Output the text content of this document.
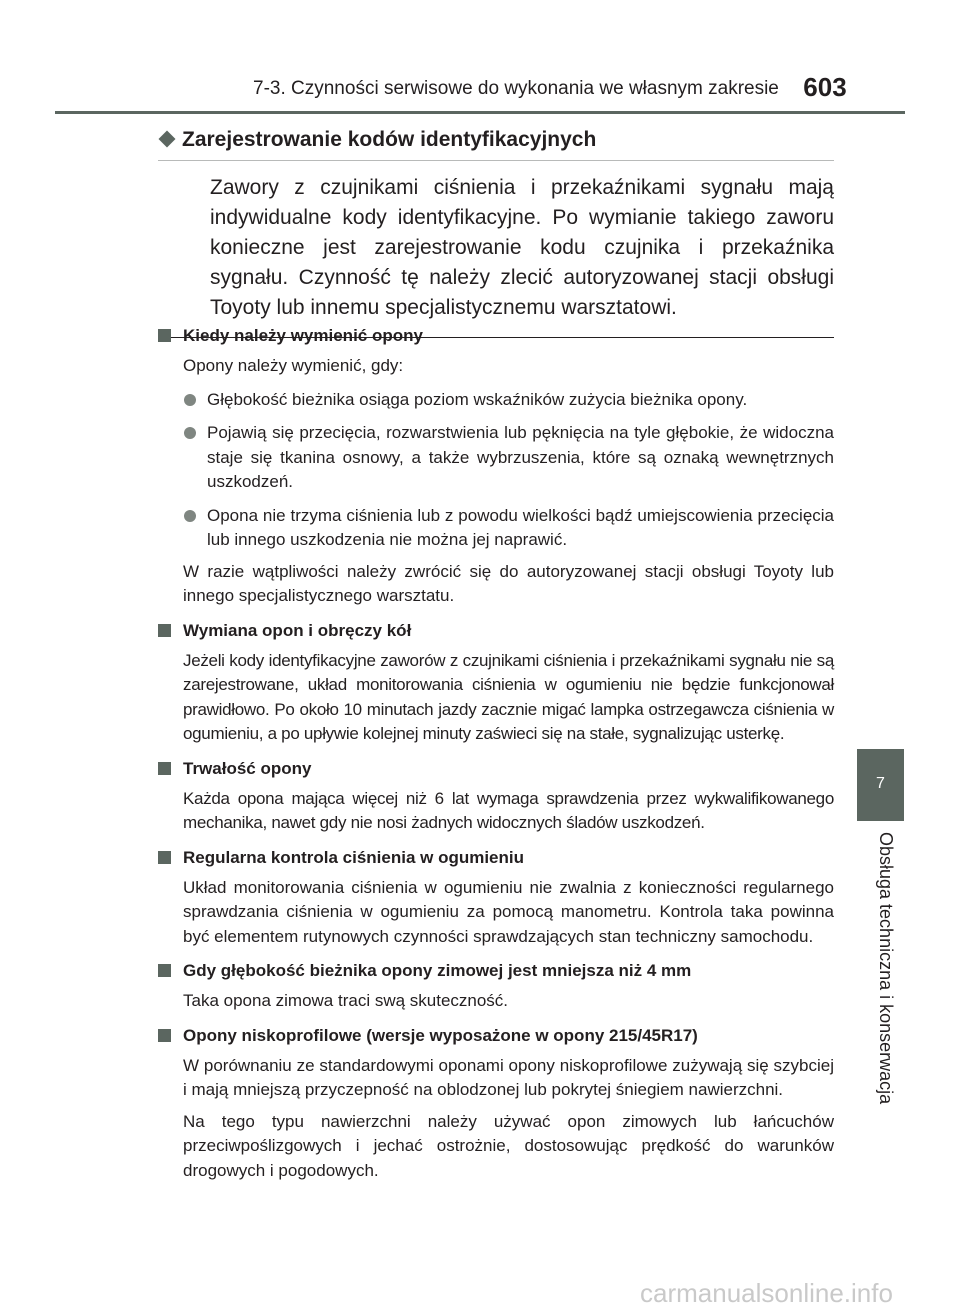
7-3. Czynności serwisowe do wykonania we własnym zakresie 603
7
Obsługa techniczna i konserwacja
Zarejestrowanie kodów identyfikacyjnych
Zawory z czujnikami ciśnienia i przekaźnikami sygnału mają indywidualne kody identyfikacyjne. Po wymianie takiego zaworu konieczne jest zarejestrowanie kodu czujnika i przekaźnika sygnału. Czynność tę należy zlecić autoryzowanej stacji obsługi Toyoty lub innemu specjalistycznemu warsztatowi.
Kiedy należy wymienić opony
Opony należy wymienić, gdy:
Głębokość bieżnika osiąga poziom wskaźników zużycia bieżnika opony.
Pojawią się przecięcia, rozwarstwienia lub pęknięcia na tyle głębokie, że widoczna staje się tkanina osnowy, a także wybrzuszenia, które są oznaką wewnętrznych uszkodzeń.
Opona nie trzyma ciśnienia lub z powodu wielkości bądź umiejscowienia przecięcia lub innego uszkodzenia nie można jej naprawić.
W razie wątpliwości należy zwrócić się do autoryzowanej stacji obsługi Toyoty lub innego specjalistycznego warsztatu.
Wymiana opon i obręczy kół
Jeżeli kody identyfikacyjne zaworów z czujnikami ciśnienia i przekaźnikami sygnału nie są zarejestrowane, układ monitorowania ciśnienia w ogumieniu nie będzie funkcjonował prawidłowo. Po około 10 minutach jazdy zacznie migać lampka ostrzegawcza ciśnienia w ogumieniu, a po upływie kolejnej minuty zaświeci się na stałe, sygnalizując usterkę.
Trwałość opony
Każda opona mająca więcej niż 6 lat wymaga sprawdzenia przez wykwalifikowanego mechanika, nawet gdy nie nosi żadnych widocznych śladów uszkodzeń.
Regularna kontrola ciśnienia w ogumieniu
Układ monitorowania ciśnienia w ogumieniu nie zwalnia z konieczności regularnego sprawdzania ciśnienia w ogumieniu za pomocą manometru. Kontrola taka powinna być elementem rutynowych czynności sprawdzających stan techniczny samochodu.
Gdy głębokość bieżnika opony zimowej jest mniejsza niż 4 mm
Taka opona zimowa traci swą skuteczność.
Opony niskoprofilowe (wersje wyposażone w opony 215/45R17)
W porównaniu ze standardowymi oponami opony niskoprofilowe zużywają się szybciej i mają mniejszą przyczepność na oblodzonej lub pokrytej śniegiem nawierzchni.
Na tego typu nawierzchni należy używać opon zimowych lub łańcuchów przeciwpoślizgowych i jechać ostrożnie, dostosowując prędkość do warunków drogowych i pogodowych.
carmanualsonline.info
